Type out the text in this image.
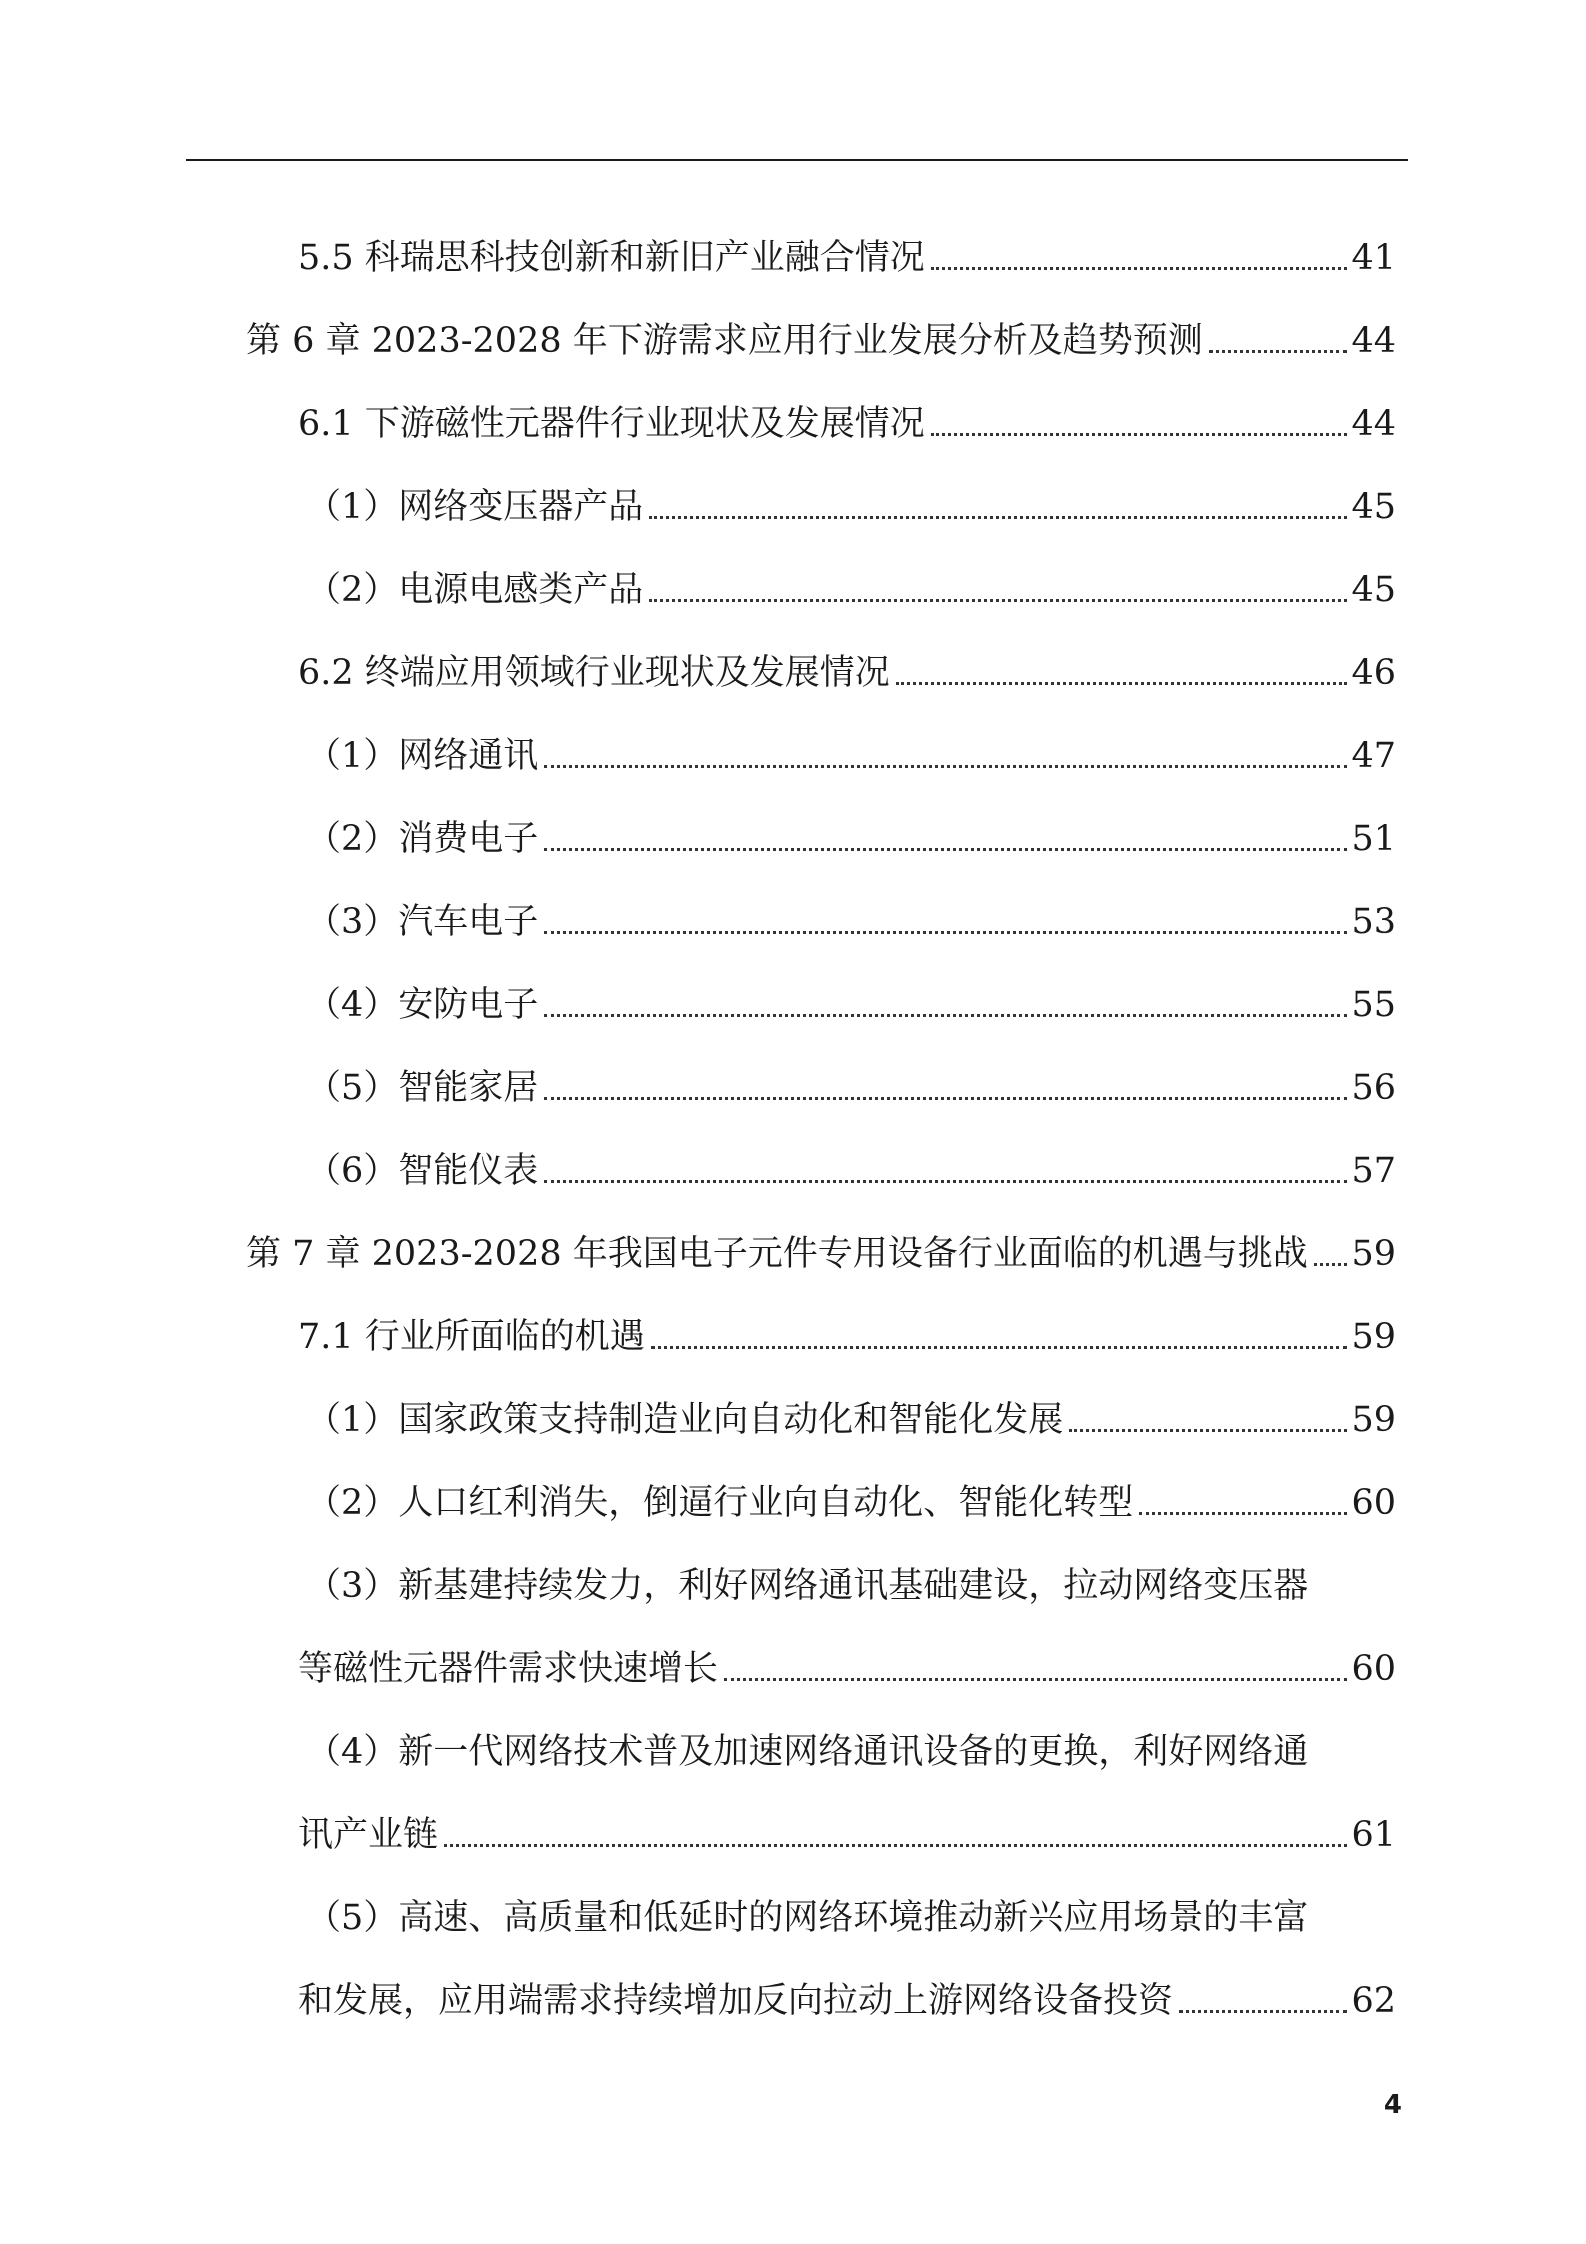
5.5 科瑞思科技创新和新旧产业融合情况	41
第 6 章 2023-2028 年下游需求应用行业发展分析及趋势预测	44
6.1 下游磁性元器件行业现状及发展情况	44
（1）网络变压器产品	45
（2）电源电感类产品	45
6.2 终端应用领域行业现状及发展情况	46
（1）网络通讯	47
（2）消费电子	51
（3）汽车电子	53
（4）安防电子	55
（5）智能家居	56
（6）智能仪表	57
第 7 章 2023-2028 年我国电子元件专用设备行业面临的机遇与挑战 59
7.1 行业所面临的机遇	59
（1）国家政策支持制造业向自动化和智能化发展	59
（2）人口红利消失，倒逼行业向自动化、智能化转型	60
（3）新基建持续发力，利好网络通讯基础建设，拉动网络变压器
等磁性元器件需求快速增长	60
（4）新一代网络技术普及加速网络通讯设备的更换，利好网络通
讯产业链	61
（5）高速、高质量和低延时的网络环境推动新兴应用场景的丰富
和发展，应用端需求持续增加反向拉动上游网络设备投资	62
4
